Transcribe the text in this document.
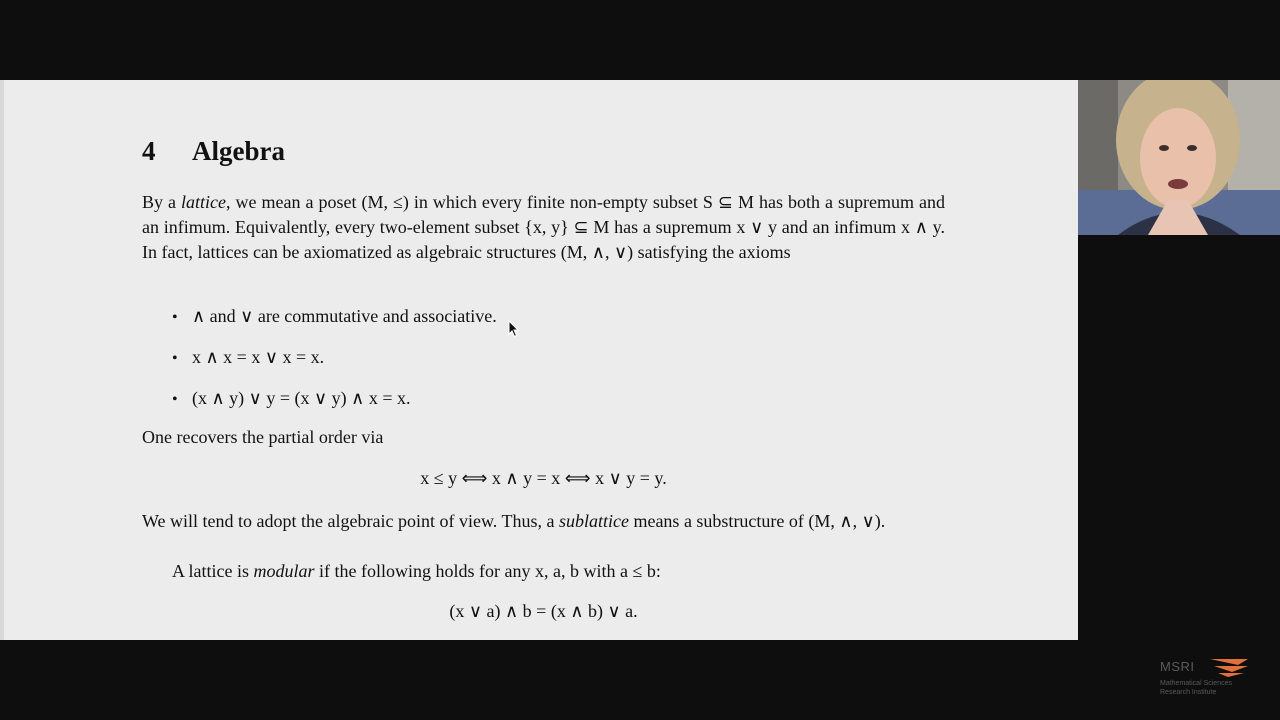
4 Algebra
By a lattice, we mean a poset (M, ≤) in which every finite non-empty subset S ⊆ M has both a supremum and an infimum. Equivalently, every two-element subset {x, y} ⊆ M has a supremum x ∨ y and an infimum x ∧ y. In fact, lattices can be axiomatized as algebraic structures (M, ∧, ∨) satisfying the axioms
• ∧ and ∨ are commutative and associative.
• x ∧ x = x ∨ x = x.
• (x ∧ y) ∨ y = (x ∨ y) ∧ x = x.
One recovers the partial order via
x ≤ y ⟺ x ∧ y = x ⟺ x ∨ y = y.
We will tend to adopt the algebraic point of view. Thus, a sublattice means a substructure of (M, ∧, ∨).
A lattice is modular if the following holds for any x, a, b with a ≤ b:
(x ∨ a) ∧ b = (x ∧ b) ∨ a.
MSRI
Mathematical Sciences
Research Institute
